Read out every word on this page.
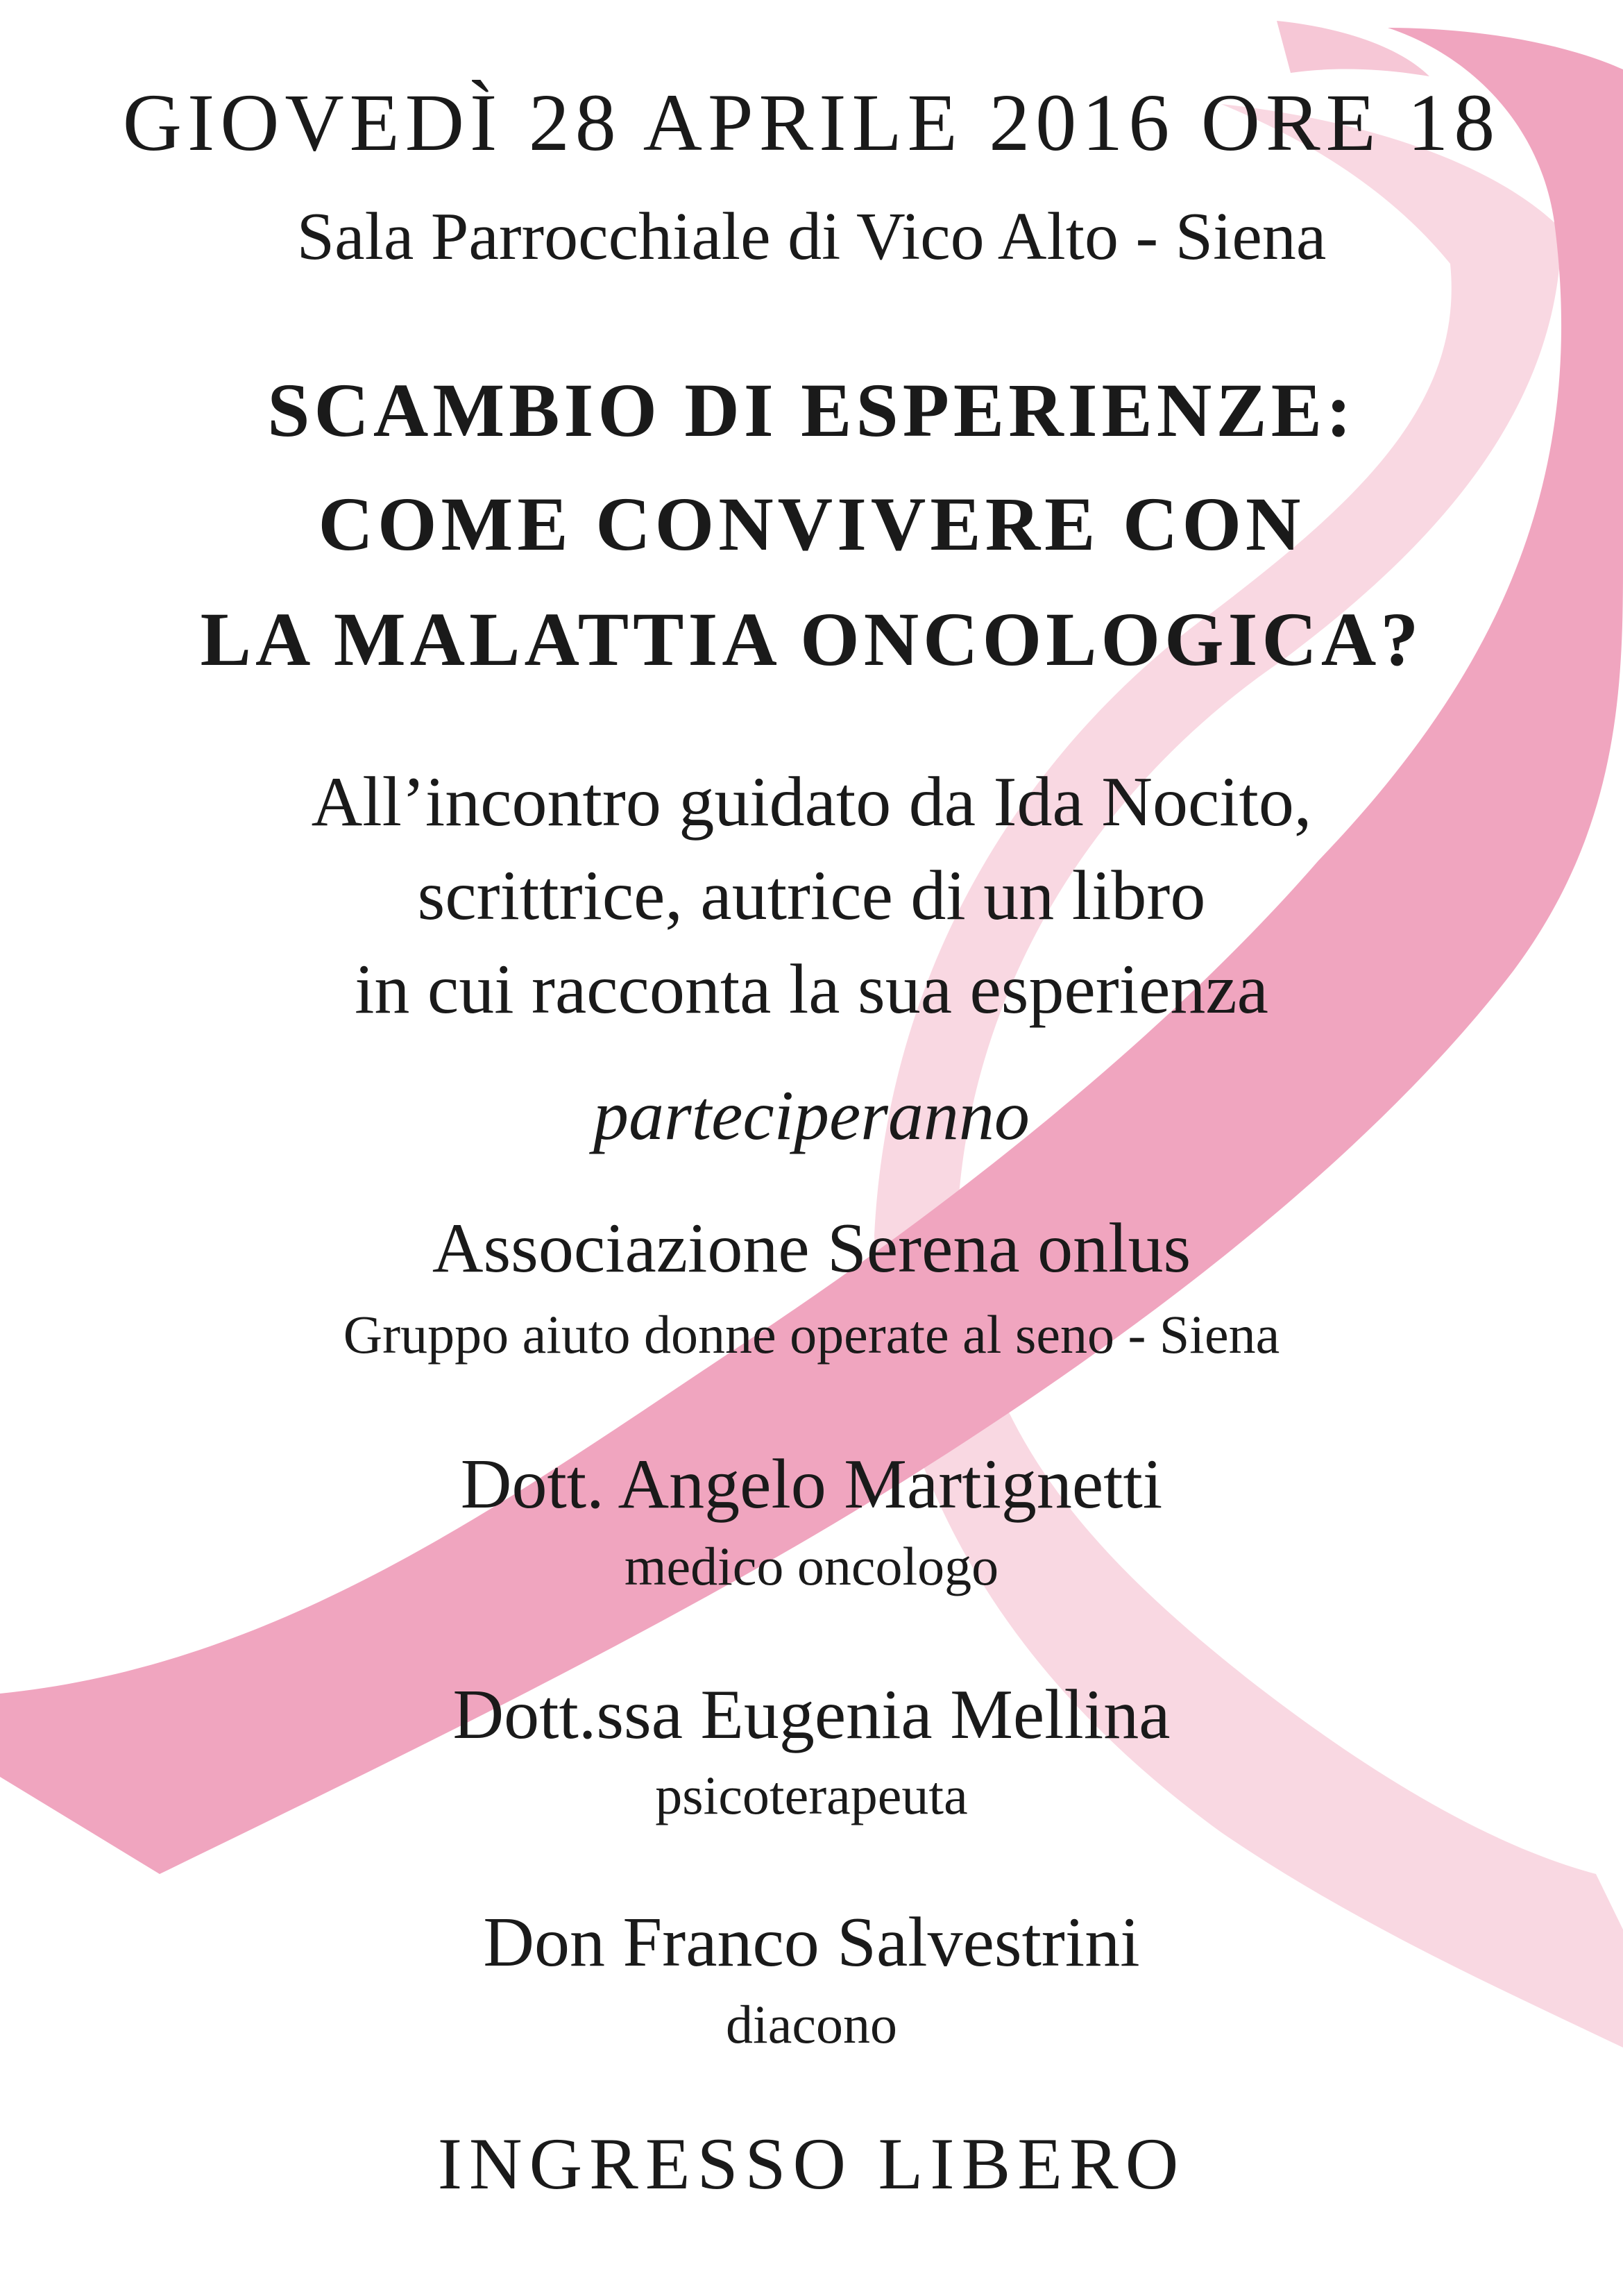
GIOVEDÌ 28 APRILE 2016 ORE 18
Sala Parrocchiale di Vico Alto - Siena
SCAMBIO DI ESPERIENZE:
COME CONVIVERE CON
LA MALATTIA ONCOLOGICA?
All’incontro guidato da Ida Nocito,
scrittrice, autrice di un libro
in cui racconta la sua esperienza
parteciperanno
Associazione Serena onlus
Gruppo aiuto donne operate al seno - Siena
Dott. Angelo Martignetti
medico oncologo
Dott.ssa Eugenia Mellina
psicoterapeuta
Don Franco Salvestrini
diacono
INGRESSO LIBERO
